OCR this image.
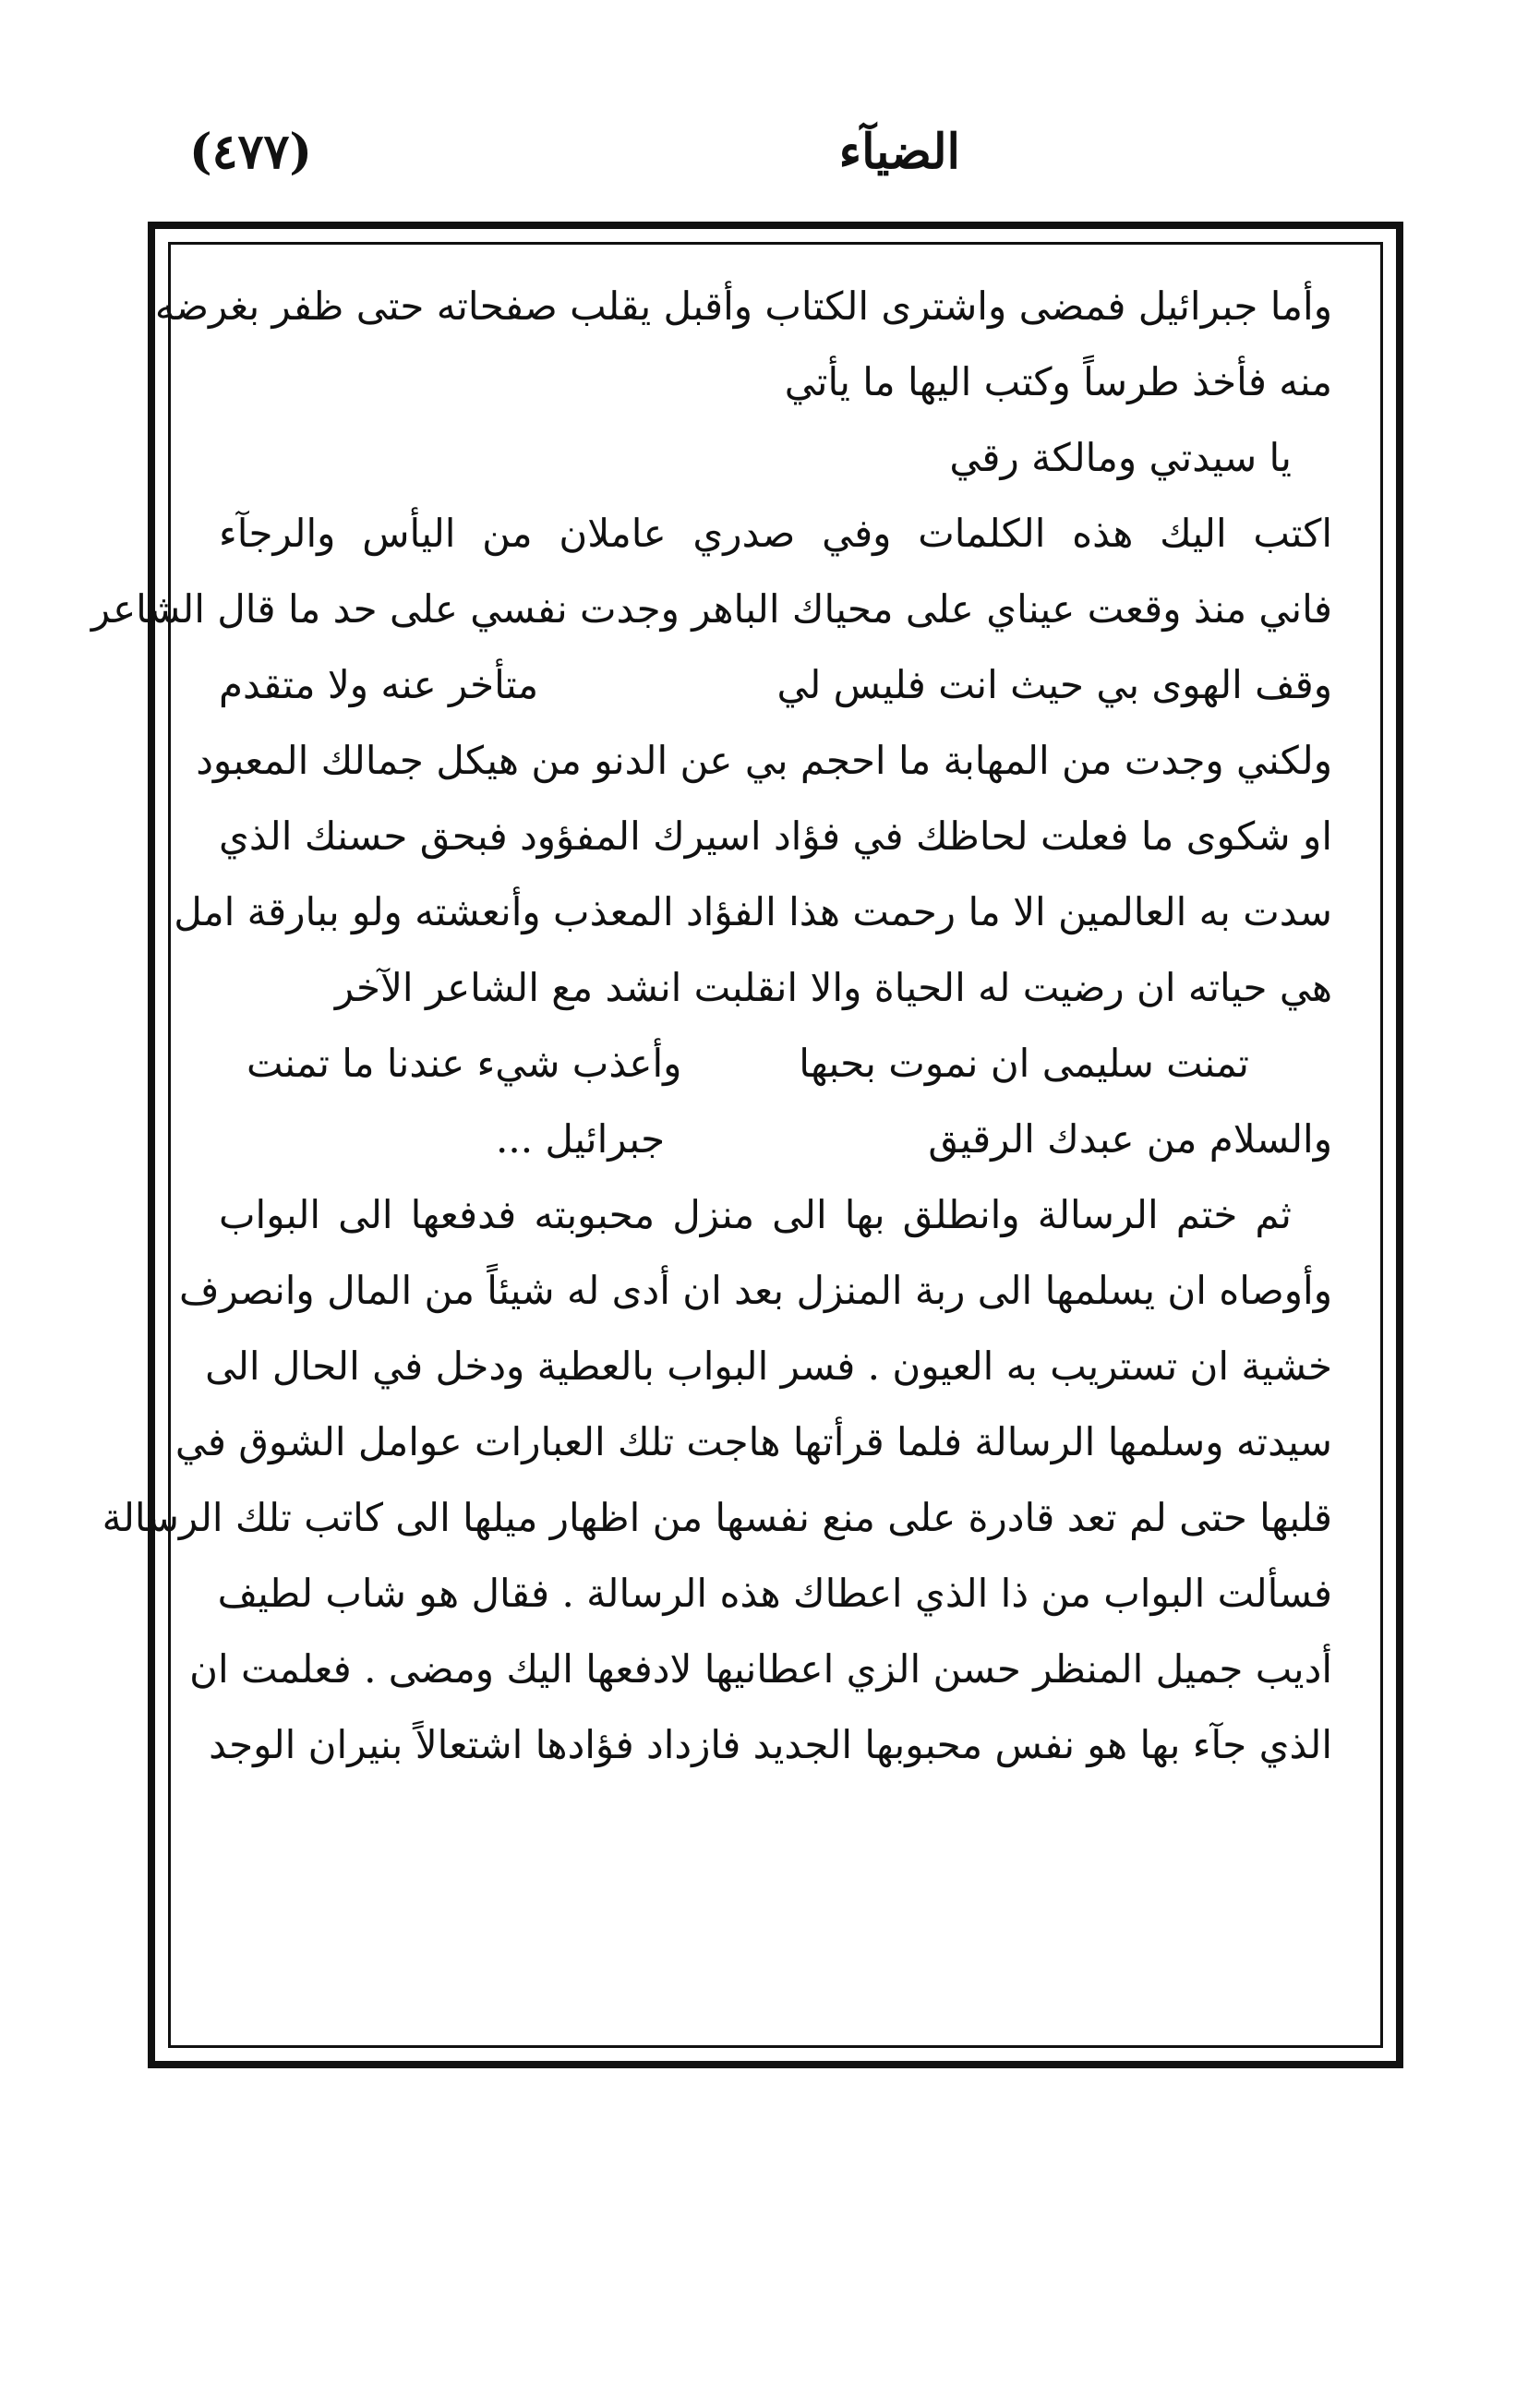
الضيآء
(٤٧٧)
وأما جبرائيل فمضى واشترى الكتاب وأقبل يقلب صفحاته حتى ظفر بغرضه
منه فأخذ طرساً وكتب اليها ما يأتي
يا سيدتي ومالكة رقي
اكتب اليك هذه الكلمات وفي صدري عاملان من اليأس والرجآء
فاني منذ وقعت عيناي على محياك الباهر وجدت نفسي على حد ما قال الشاعر
وقف الهوى بي حيث انت فليس لي
متأخر عنه ولا متقدم
ولكني وجدت من المهابة ما احجم بي عن الدنو من هيكل جمالك المعبود
او شكوى ما فعلت لحاظك في فؤاد اسيرك المفؤود فبحق حسنك الذي
سدت به العالمين الا ما رحمت هذا الفؤاد المعذب وأنعشته ولو ببارقة امل
هي حياته ان رضيت له الحياة والا انقلبت انشد مع الشاعر الآخر
تمنت سليمى ان نموت بحبها
وأعذب شيء عندنا ما تمنت
والسلام من عبدك الرقيق
جبرائيل ...
ثم ختم الرسالة وانطلق بها الى منزل محبوبته فدفعها الى البواب
وأوصاه ان يسلمها الى ربة المنزل بعد ان أدى له شيئاً من المال وانصرف
خشية ان تستريب به العيون . فسر البواب بالعطية ودخل في الحال الى
سيدته وسلمها الرسالة فلما قرأتها هاجت تلك العبارات عوامل الشوق في
قلبها حتى لم تعد قادرة على منع نفسها من اظهار ميلها الى كاتب تلك الرسالة
فسألت البواب من ذا الذي اعطاك هذه الرسالة . فقال هو شاب لطيف
أديب جميل المنظر حسن الزي اعطانيها لادفعها اليك ومضى . فعلمت ان
الذي جآء بها هو نفس محبوبها الجديد فازداد فؤادها اشتعالاً بنيران الوجد
